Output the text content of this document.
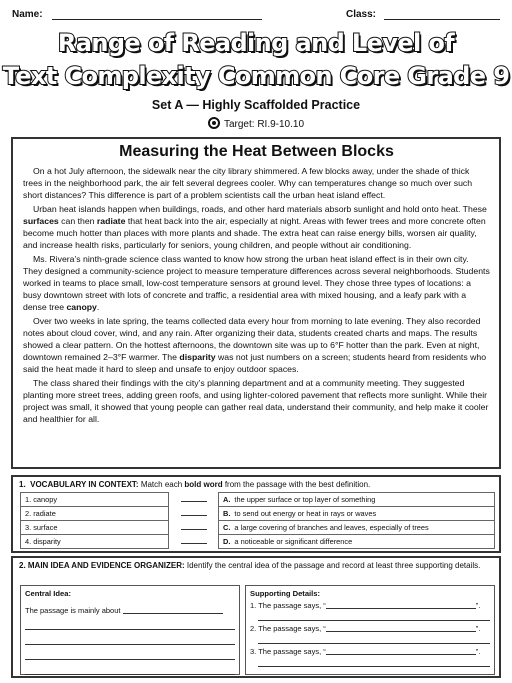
Name:	Class:
Range of Reading and Level of
Text Complexity Common Core Grade 9
Set A — Highly Scaffolded Practice
Target: RI.9-10.10
Measuring the Heat Between Blocks

On a hot July afternoon, the sidewalk near the city library shimmered. A few blocks away, under the shade of thick trees in the neighborhood park, the air felt several degrees cooler. Why can temperatures change so much over such short distances? This difference is part of a problem scientists call the urban heat island effect.

Urban heat islands happen when buildings, roads, and other hard materials absorb sunlight and hold onto heat. These surfaces can then radiate that heat back into the air, especially at night. Areas with fewer trees and more concrete often become much hotter than places with more plants and shade. The extra heat can raise energy bills, worsen air quality, and increase health risks, particularly for seniors, young children, and people without air conditioning.

Ms. Rivera’s ninth-grade science class wanted to know how strong the urban heat island effect is in their own city. They designed a community-science project to measure temperature differences across several neighborhoods. Students worked in teams to place small, low-cost temperature sensors at ground level. They chose three types of locations: a busy downtown street with lots of concrete and traffic, a residential area with mixed housing, and a leafy park with a dense tree canopy.

Over two weeks in late spring, the teams collected data every hour from morning to late evening. They also recorded notes about cloud cover, wind, and any rain. After organizing their data, students created charts and maps. The results showed a clear pattern. On the hottest afternoons, the downtown site was up to 6°F hotter than the park. Even at night, downtown remained 2–3°F warmer. The disparity was not just numbers on a screen; students heard from residents who said the heat made it hard to sleep and unsafe to enjoy outdoor spaces.

The class shared their findings with the city’s planning department and at a community meeting. They suggested planting more street trees, adding green roofs, and using lighter-colored pavement that reflects more sunlight. While their project was small, it showed that young people can gather real data, understand their community, and help make it cooler and healthier for all.

1. VOCABULARY IN CONTEXT: Match each bold word from the passage with the best definition.
1. canopy		A. the upper surface or top layer of something
2. radiate		B. to send out energy or heat in rays or waves
3. surface		C. a large covering of branches and leaves, especially of trees
4. disparity		D. a noticeable or significant difference
2. MAIN IDEA AND EVIDENCE ORGANIZER: Identify the central idea of the passage and record at least three supporting details.
Central Idea:
The passage is mainly about
Supporting Details:
1. The passage says, “	”.
2. The passage says, “	”.
3. The passage says, “	”.
